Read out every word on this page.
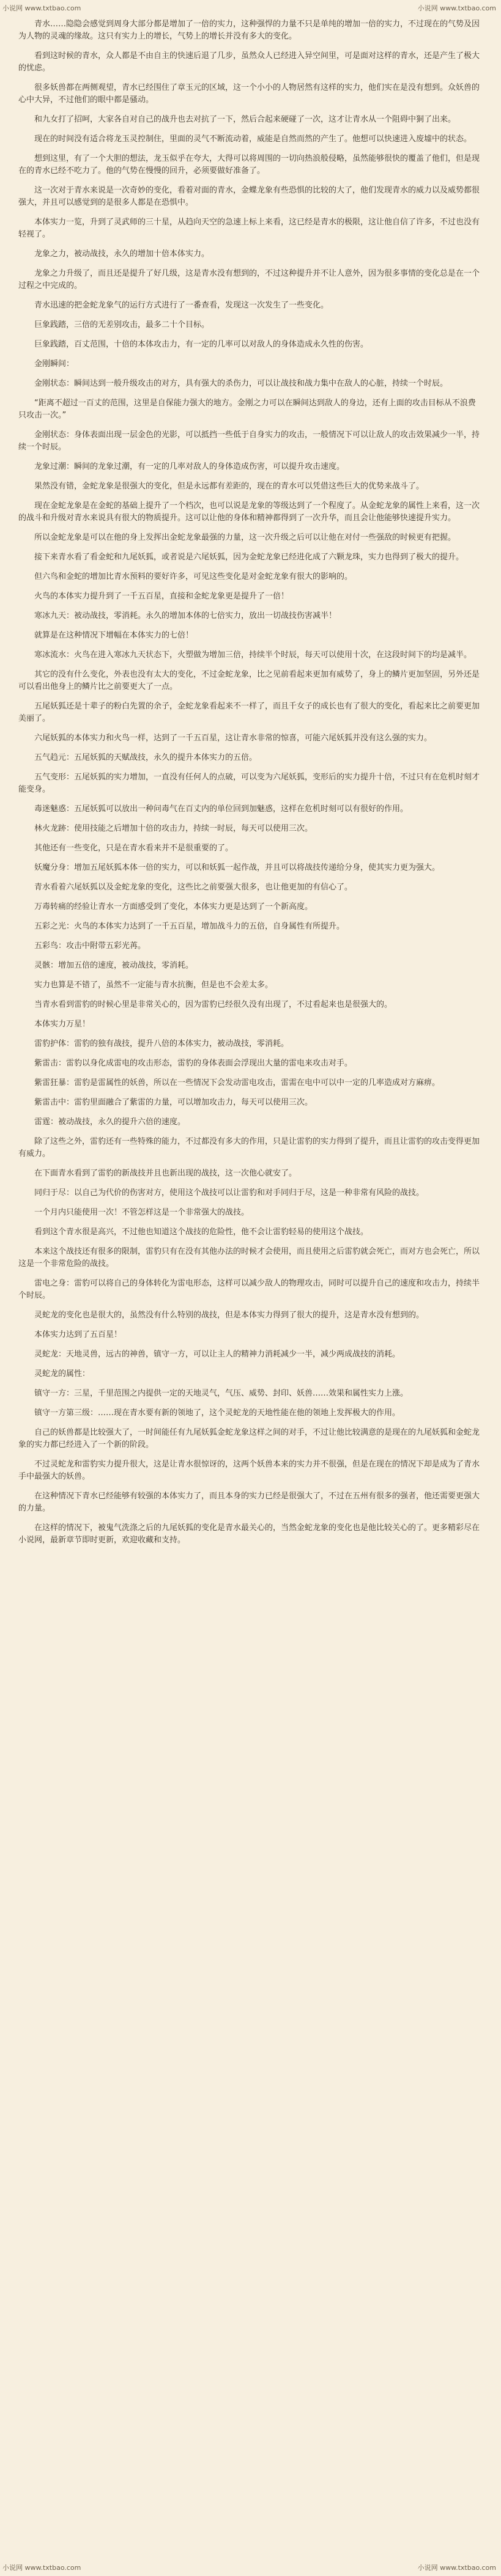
小说网 www.txtbao.com	小说网 www.txtbao.com

青水……隐隐会感觉到周身大部分都是增加了一倍的实力，这种强悍的力量不只是单纯的增加一倍的实力，不过现在的气势及因为人物的灵魂的缘故。这只有实力上的增长，气势上的增长并没有多大的变化。

看到这时候的青水，众人都是不由自主的快速后退了几步，虽然众人已经进入异空间里，可是面对这样的青水，还是产生了极大的忧虑。

很多妖兽都在两侧观望，青水已经围住了章玉元的区域，这一个小小的人物居然有这样的实力，他们实在是没有想到。众妖兽的心中大异，不过他们的眼中都是骚动。

和九女打了招呵，大家各自对自己的战升也去对抗了一下，然后合起来硬碰了一次，这才让青水从一个阻碍中狪了出来。

现在的时间没有适合将龙玉灵控制住，里面的灵气不断流动着，威能是自然而然的产生了。他想可以快速进入废墟中的状态。

想到这里，有了一个大胆的想法，龙玉似乎在夸大，大得可以将周围的一切向热浪般侵略，虽然能够很快的覆盖了他们，但是现在的青水已经不吃力了。他的气势在慢慢的回升，必须要做好准备了。

这一次对于青水来说是一次奇妙的变化，看着对面的青水，金蝶龙象有些恐惧的比较的大了，他们发现青水的威力以及威势都很强大，并且可以感觉到的是很多人都是在恐惧中。

本体实力一览，升到了灵武师的三十星，从趋向天空的急速上标上来看，这已经是青水的极限，这让他自信了许多，不过也没有轻视了。

龙象之力，被动战技，永久的增加十倍本体实力。

龙象之力升级了，而且还是提升了好几级，这是青水没有想到的，不过这种提升并不让人意外，因为很多事情的变化总是在一个过程之中完成的。

青水迅速的把金蛇龙象气的运行方式进行了一番查看，发现这一次发生了一些变化。

巨象践踏，三倍的无差别攻击，最多二十个目标。

巨象践踏，百丈范围，十倍的本体攻击力，有一定的几率可以对敌人的身体造成永久性的伤害。

金刚瞬间：

金刚状态：瞬间达到一般升级攻击的对方，具有强大的杀伤力，可以让战技和战力集中在敌人的心脏，持续一个时辰。

“距离不超过一百丈的范围，这里是自保能力强大的地方。金刚之力可以在瞬间达到敌人的身边，还有上面的攻击目标从不浪费只攻击一次。”

金刚状态：身体表面出现一层金色的光影，可以抵挡一些低于自身实力的攻击，一般情况下可以让敌人的攻击效果减少一半，持续一个时辰。

龙象过潮：瞬间的龙象过潮，有一定的几率对敌人的身体造成伤害，可以提升攻击速度。

果然没有错，金蛇龙象是很强大的变化，但是永远都有差距的，现在的青水可以凭借这些巨大的优势来战斗了。

现在金蛇龙象是在金蛇的基础上提升了一个档次，也可以说是龙象的等级达到了一个程度了。从金蛇龙象的属性上来看，这一次的战斗和升级对青水来说具有很大的物质提升。这可以让他的身体和精神都得到了一次升华，而且会让他能够快速提升实力。

所以金蛇龙象是可以在他的身上发挥出金蛇龙象最强的力量，这一次升级之后可以让他在对付一些强敌的时候更有把握。

接下来青水看了看金蛇和九尾妖狐，或者说是六尾妖狐，因为金蛇龙象已经进化成了六颗龙珠，实力也得到了极大的提升。

但六鸟和金蛇的增加比青水预料的要好许多，可见这些变化是对金蛇龙象有很大的影响的。

火鸟的本体实力提升到了一千五百星，直接和金蛇龙象更是提升了一倍！

寒冰九天：被动战技，零消耗。永久的增加本体的七倍实力，放出一切战技伤害减半！

就算是在这种情况下增幅在本体实力的七倍！

寒冰流水：火鸟在进入寒冰九天状态下，火塑做为增加三倍，持续半个时辰，每天可以使用十次，在这段时间下的均是减半。

其它的没有什么变化，外表也没有太大的变化，不过金蛇龙象，比之见前看起来更加有威势了，身上的鳞片更加坚固，另外还是可以看出他身上的鳞片比之前要更大了一点。

五尾妖狐还是十辈子的粉白先置的余子，金蛇龙象看起来不一样了，而且千女子的成长也有了很大的变化，看起来比之前要更加美丽了。

六尾妖狐的本体实力和火鸟一样，达到了一千五百星，这让青水非常的惊喜，可能六尾妖狐并没有这么强的实力。

五气趋元：五尾妖狐的天赋战技，永久的提升本体实力的五倍。

五气变形：五尾妖狐的实力增加，一直没有任何人的点破，可以变为六尾妖狐，变形后的实力提升十倍，不过只有在危机时刻才能变身。

毒迷魅惑：五尾妖狐可以放出一种问毒气在百丈内的单位回到加魅惑，这样在危机时刻可以有很好的作用。

林火龙跡：使用技能之后增加十倍的攻击力，持续一时辰，每天可以使用三次。

其他还有一些变化，只是在青水看来并不是很重要的了。

妖魔分身：增加五尾妖狐本体一倍的实力，可以和妖狐一起作战，并且可以将战技传递给分身，使其实力更为强大。

青水看着六尾妖狐以及金蛇龙象的变化，这些比之前要强大很多，也让他更加的有信心了。

万毒转痛的经验让青水一方面感受到了变化，本体实力更是达到了一个新高度。

五彩之光：火鸟的本体实力达到了一千五百星，增加战斗力的五倍，自身属性有所提升。

五彩鸟：攻击中附带五彩光苒。

灵骸：增加五倍的速度，被动战技，零消耗。

实力也算是不错了，虽然不一定能与青水抗衡，但是也不会差太多。

当青水看到雷豹的时候心里是非常关心的，因为雷豹已经很久没有出现了，不过看起来也是很强大的。

本体实力万星！

雷豹护体：雷豹的独有战技，提升八倍的本体实力，被动战技，零消耗。

紫雷击：雷豹以身化成雷电的攻击形态，雷豹的身体表面会浮现出大量的雷电来攻击对手。

紫雷狂暴：雷豹是雷属性的妖兽，所以在一些情况下会发动雷电攻击，雷需在电中可以中一定的几率造成对方麻痹。

紫雷击中：雷豹里面融合了紫雷的力量，可以增加攻击力，每天可以使用三次。

雷霆：被动战技，永久的提升六倍的速度。

除了这些之外，雷豹还有一些特殊的能力，不过都没有多大的作用，只是让雷豹的实力得到了提升，而且让雷豹的攻击变得更加有威力。

在下面青水看到了雷豹的新战技并且也新出现的战技，这一次他心就安了。

同归于尽：以自己为代价的伤害对方，使用这个战技可以让雷豹和对手同归于尽，这是一种非常有风险的战技。

一个月内只能使用一次！不管怎样这是一个非常强大的战技。

看到这个青水很是高兴，不过他也知道这个战技的危险性，他不会让雷豹轻易的使用这个战技。

本来这个战技还有很多的限制，雷豹只有在没有其他办法的时候才会使用，而且使用之后雷豹就会死亡，而对方也会死亡，所以这是一个非常危险的战技。

雷电之身：雷豹可以将自己的身体转化为雷电形态，这样可以减少敌人的物理攻击，同时可以提升自己的速度和攻击力，持续半个时辰。

灵蛇龙的变化也是很大的，虽然没有什么特别的战技，但是本体实力得到了很大的提升，这是青水没有想到的。

本体实力达到了五百星！

灵蛇龙：天地灵兽，远古的神兽，镇守一方，可以让主人的精神力消耗减少一半，减少两成战技的消耗。

灵蛇龙的属性：

镇守一方：三星，千里范围之内提供一定的天地灵气，气压、威势、封印、妖兽……效果和属性实力上涨。

镇守一方第三级：……现在青水要有新的领地了，这个灵蛇龙的天地性能在他的领地上发挥极大的作用。

自己的妖兽都是比较强大了，一时间能任有九尾妖狐金蛇龙象这样之间的对手，不过让他比较满意的是现在的九尾妖狐和金蛇龙象的实力都已经进入了一个新的阶段。

不过灵蛇龙和雷豹实力提升很大，这是让青水很惊讶的，这两个妖兽本来的实力并不很强，但是在现在的情况下却是成为了青水手中最强大的妖兽。

在这种情况下青水已经能够有较强的本体实力了，而且本身的实力已经是很强大了，不过在五州有很多的强者，他还需要更强大的力量。

在这样的情况下，被鬼气洗涤之后的九尾妖狐的变化是青水最关心的，当然金蛇龙象的变化也是他比较关心的了。更多精彩尽在小说网，最新章节即时更新，欢迎收藏和支持。

小说网 www.txtbao.com	小说网 www.txtbao.com
